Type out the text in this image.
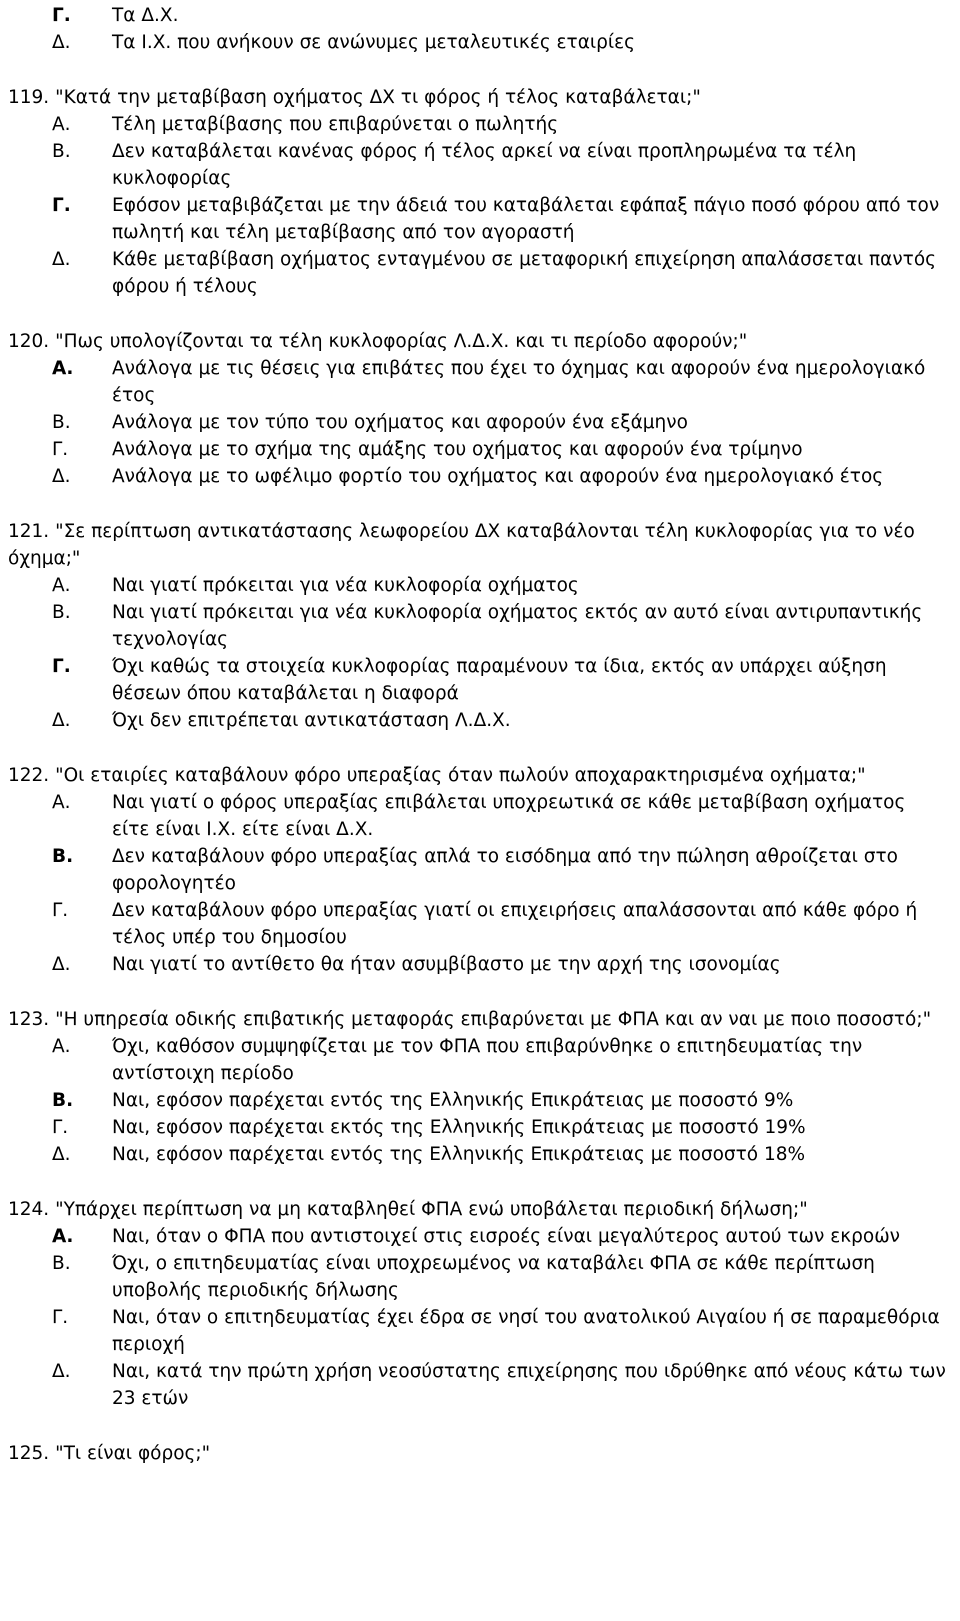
Γ.	Τα Δ.Χ.
Δ.	Τα Ι.Χ. που ανήκουν σε ανώνυμες μεταλευτικές εταιρίες
119. "Κατά την μεταβίβαση οχήματος ΔΧ τι φόρος ή τέλος καταβάλεται;"
Α.	Τέλη μεταβίβασης που επιβαρύνεται ο πωλητής
Β.	Δεν καταβάλεται κανένας φόρος ή τέλος αρκεί να είναι προπληρωμένα τα τέλη κυκλοφορίας
Γ.	Εφόσον μεταβιβάζεται με την άδειά του καταβάλεται εφάπαξ πάγιο ποσό φόρου από τον πωλητή και τέλη μεταβίβασης από τον αγοραστή
Δ.	Κάθε μεταβίβαση οχήματος ενταγμένου σε μεταφορική επιχείρηση απαλάσσεται παντός φόρου ή τέλους
120. "Πως υπολογίζονται τα τέλη κυκλοφορίας Λ.Δ.Χ. και τι περίοδο αφορούν;"
Α.	Ανάλογα με τις θέσεις για επιβάτες που έχει το όχημας και αφορούν ένα ημερολογιακό έτος
Β.	Ανάλογα με τον τύπο του οχήματος και αφορούν ένα εξάμηνο
Γ.	Ανάλογα με το σχήμα της αμάξης του οχήματος και αφορούν ένα τρίμηνο
Δ.	Ανάλογα με το ωφέλιμο φορτίο του οχήματος και αφορούν ένα ημερολογιακό έτος
121. "Σε περίπτωση αντικατάστασης λεωφορείου ΔΧ καταβάλονται τέλη κυκλοφορίας για το νέο όχημα;"
Α.	Ναι γιατί πρόκειται για νέα κυκλοφορία οχήματος
Β.	Ναι γιατί πρόκειται για νέα κυκλοφορία οχήματος εκτός αν αυτό είναι αντιρυπαντικής τεχνολογίας
Γ.	Όχι καθώς τα στοιχεία κυκλοφορίας παραμένουν τα ίδια, εκτός αν υπάρχει αύξηση θέσεων όπου καταβάλεται η διαφορά
Δ.	Όχι δεν επιτρέπεται αντικατάσταση Λ.Δ.Χ.
122. "Οι εταιρίες καταβάλουν φόρο υπεραξίας όταν πωλούν αποχαρακτηρισμένα οχήματα;"
Α.	Ναι γιατί ο φόρος υπεραξίας επιβάλεται υποχρεωτικά σε κάθε μεταβίβαση οχήματος είτε είναι Ι.Χ. είτε είναι Δ.Χ.
Β.	Δεν καταβάλουν φόρο υπεραξίας απλά το εισόδημα από την πώληση αθροίζεται στο φορολογητέο
Γ.	Δεν καταβάλουν φόρο υπεραξίας γιατί οι επιχειρήσεις απαλάσσονται από κάθε φόρο ή τέλος υπέρ του δημοσίου
Δ.	Ναι γιατί το αντίθετο θα ήταν ασυμβίβαστο με την αρχή της ισονομίας
123. "Η υπηρεσία οδικής επιβατικής μεταφοράς επιβαρύνεται με ΦΠΑ και αν ναι με ποιο ποσοστό;"
Α.	Όχι, καθόσον συμψηφίζεται με τον ΦΠΑ που επιβαρύνθηκε ο επιτηδευματίας την αντίστοιχη περίοδο
Β.	Ναι, εφόσον παρέχεται εντός της Ελληνικής Επικράτειας με ποσοστό 9%
Γ.	Ναι, εφόσον παρέχεται εκτός της Ελληνικής Επικράτειας με ποσοστό 19%
Δ.	Ναι, εφόσον παρέχεται εντός της Ελληνικής Επικράτειας με ποσοστό 18%
124. "Υπάρχει περίπτωση να μη καταβληθεί ΦΠΑ ενώ υποβάλεται περιοδική δήλωση;"
Α.	Ναι, όταν ο ΦΠΑ που αντιστοιχεί στις εισροές είναι μεγαλύτερος αυτού των εκροών
Β.	Όχι, ο επιτηδευματίας είναι υποχρεωμένος να καταβάλει ΦΠΑ σε κάθε περίπτωση υποβολής περιοδικής δήλωσης
Γ.	Ναι, όταν ο επιτηδευματίας έχει έδρα σε νησί του ανατολικού Αιγαίου ή σε παραμεθόρια περιοχή
Δ.	Ναι, κατά την πρώτη χρήση νεοσύστατης επιχείρησης που ιδρύθηκε από νέους κάτω των 23 ετών
125. "Τι είναι φόρος;"
